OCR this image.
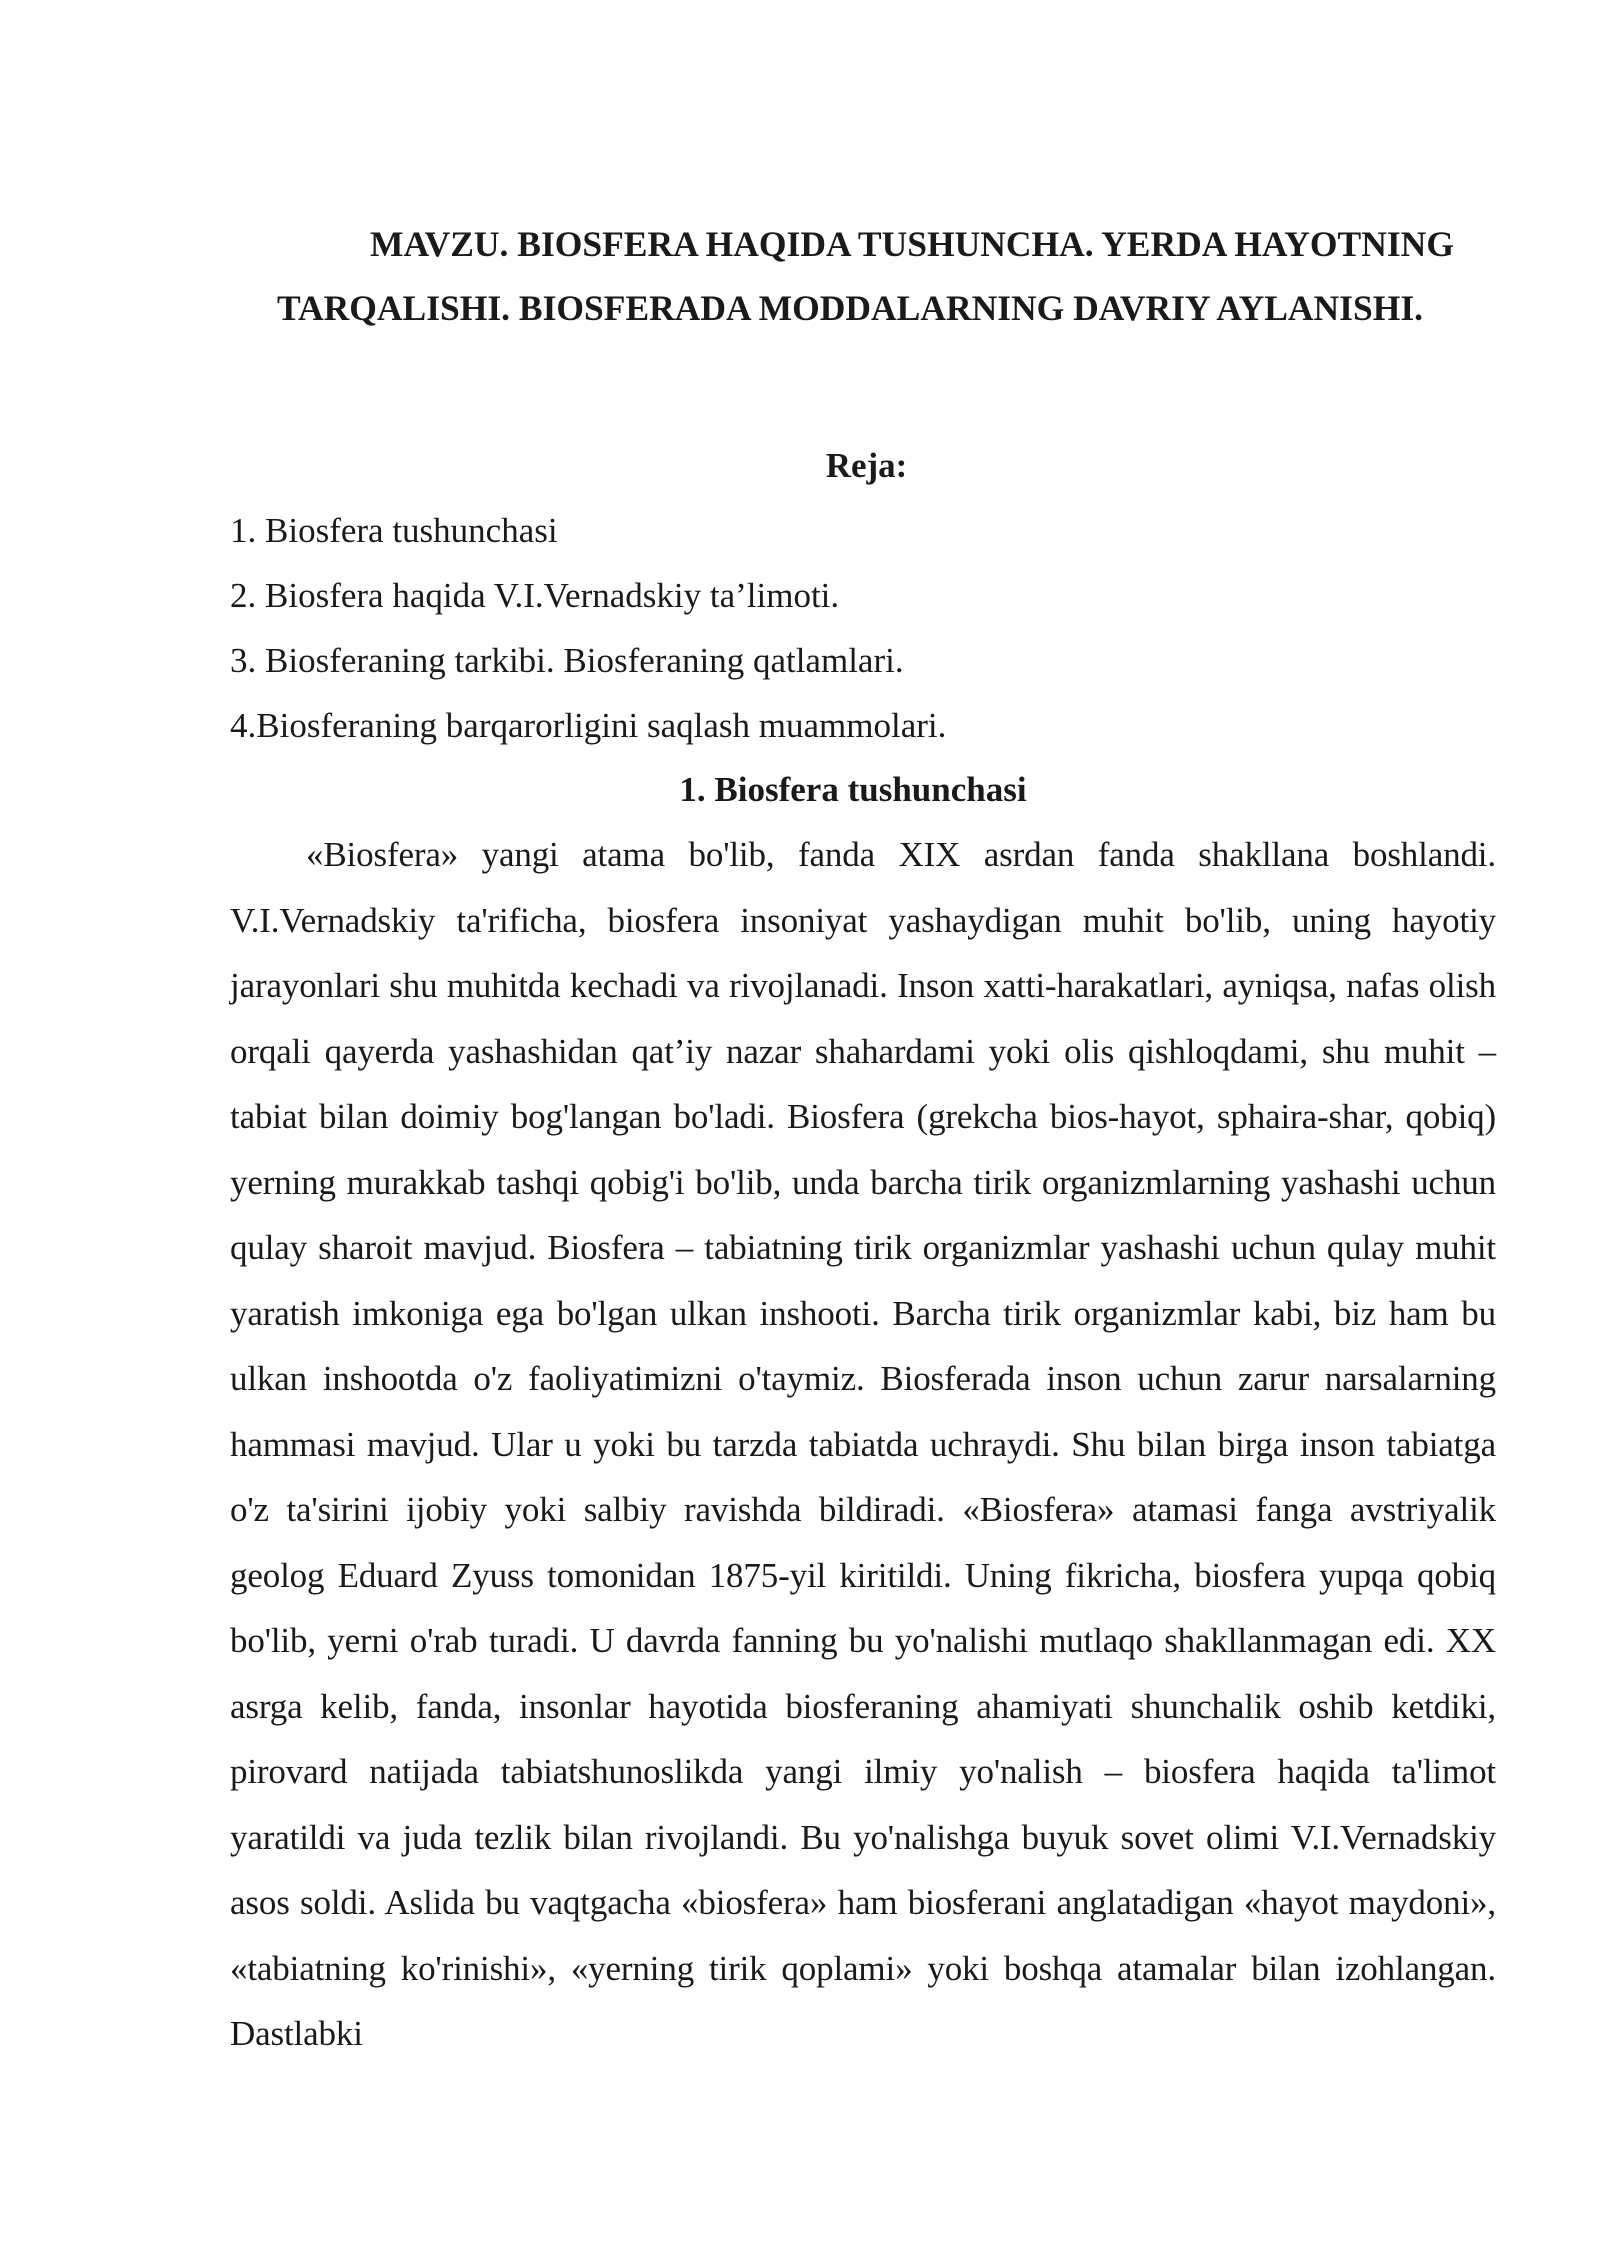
MAVZU. BIOSFERA HAQIDA TUSHUNCHA. YERDA HAYOTNING
TARQALISHI. BIOSFERADA MODDALARNING DAVRIY AYLANISHI.
Reja:
1. Biosfera tushunchasi
2. Biosfera haqida V.I.Vernadskiy ta’limoti.
3. Biosferaning tarkibi. Biosferaning qatlamlari.
4.Biosferaning barqarorligini saqlash muammolari.
1. Biosfera tushunchasi

«Biosfera» yangi atama bo'lib, fanda XIX asrdan fanda shakllana boshlandi. V.I.Vernadskiy ta'rificha, biosfera insoniyat yashaydigan muhit bo'lib, uning hayotiy jarayonlari shu muhitda kechadi va rivojlanadi. Inson xatti-harakatlari, ayniqsa, nafas olish orqali qayerda yashashidan qat’iy nazar shahardami yoki olis qishloqdami, shu muhit – tabiat bilan doimiy bog'langan bo'ladi. Biosfera (grekcha bios-hayot, sphaira-shar, qobiq) yerning murakkab tashqi qobig'i bo'lib, unda barcha tirik organizmlarning yashashi uchun qulay sharoit mavjud. Biosfera – tabiatning tirik organizmlar yashashi uchun qulay muhit yaratish imkoniga ega bo'lgan ulkan inshooti. Barcha tirik organizmlar kabi, biz ham bu ulkan inshootda o'z faoliyatimizni o'taymiz. Biosferada inson uchun zarur narsalarning hammasi mavjud. Ular u yoki bu tarzda tabiatda uchraydi. Shu bilan birga inson tabiatga o'z ta'sirini ijobiy yoki salbiy ravishda bildiradi. «Biosfera» atamasi fanga avstriyalik geolog Eduard Zyuss tomonidan 1875-yil kiritildi. Uning fikricha, biosfera yupqa qobiq bo'lib, yerni o'rab turadi. U davrda fanning bu yo'nalishi mutlaqo shakllanmagan edi. XX asrga kelib, fanda, insonlar hayotida biosferaning ahamiyati shunchalik oshib ketdiki, pirovard natijada tabiatshunoslikda yangi ilmiy yo'nalish – biosfera haqida ta'limot yaratildi va juda tezlik bilan rivojlandi. Bu yo'nalishga buyuk sovet olimi V.I.Vernadskiy asos soldi. Aslida bu vaqtgacha «biosfera» ham biosferani anglatadigan «hayot maydoni», «tabiatning ko'rinishi», «yerning tirik qoplami» yoki boshqa atamalar bilan izohlangan. Dastlabki
